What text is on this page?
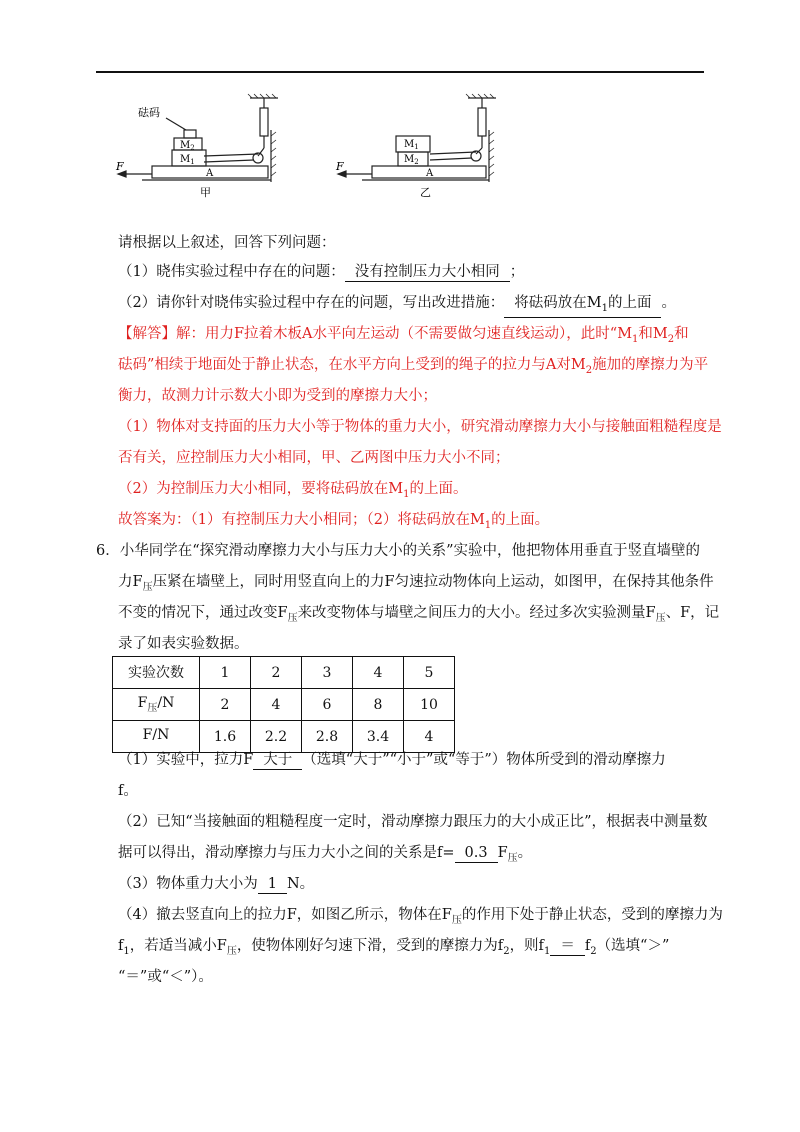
砝码
$M_2$
$M_1$
A
F
甲
$M_1$
$M_2$
A
F
乙
请根据以上叙述，回答下列问题：
（1）晓伟实验过程中存在的问题： 没有控制压力大小相同 ；
（2）请你针对晓伟实验过程中存在的问题，写出改进措施： 将砝码放在$M_1$的上面 。
【解答】解：用力F拉着木板A水平向左运动（不需要做匀速直线运动），此时“$M_1$和$M_2$和
砝码”相续于地面处于静止状态，在水平方向上受到的绳子的拉力与A对$M_2$施加的摩擦力为平
衡力，故测力计示数大小即为受到的摩擦力大小；
（1）物体对支持面的压力大小等于物体的重力大小，研究滑动摩擦力大小与接触面粗糙程度是
否有关，应控制压力大小相同，甲、乙两图中压力大小不同；
（2）为控制压力大小相同，要将砝码放在$M_1$的上面。
故答案为：（1）有控制压力大小相同；（2）将砝码放在$M_1$的上面。
6．小华同学在“探究滑动摩擦力大小与压力大小的关系”实验中，他把物体用垂直于竖直墙壁的
力$F_压$压紧在墙壁上，同时用竖直向上的力F匀速拉动物体向上运动，如图甲，在保持其他条件
不变的情况下，通过改变$F_压$来改变物体与墙壁之间压力的大小。经过多次实验测量$F_压$、F，记
录了如表实验数据。
实验次数	1	2	3	4	5
$F_压/N$	2	4	6	8	10
F/N	1.6	2.2	2.8	3.4	4
（1）实验中，拉力F 大于 （选填“大于”“小于”或“等于”）物体所受到的滑动摩擦力
f。
（2）已知“当接触面的粗糙程度一定时，滑动摩擦力跟压力的大小成正比”，根据表中测量数
据可以得出，滑动摩擦力与压力大小之间的关系是f= 0.3 $F_压$。
（3）物体重力大小为 1 N。
（4）撤去竖直向上的拉力F，如图乙所示，物体在$F_压$的作用下处于静止状态，受到的摩擦力为
$f_1$，若适当减小$F_压$，使物体刚好匀速下滑，受到的摩擦力为$f_2$，则$f_1 = f_2$（选填“＞”
“＝”或“＜”）。
